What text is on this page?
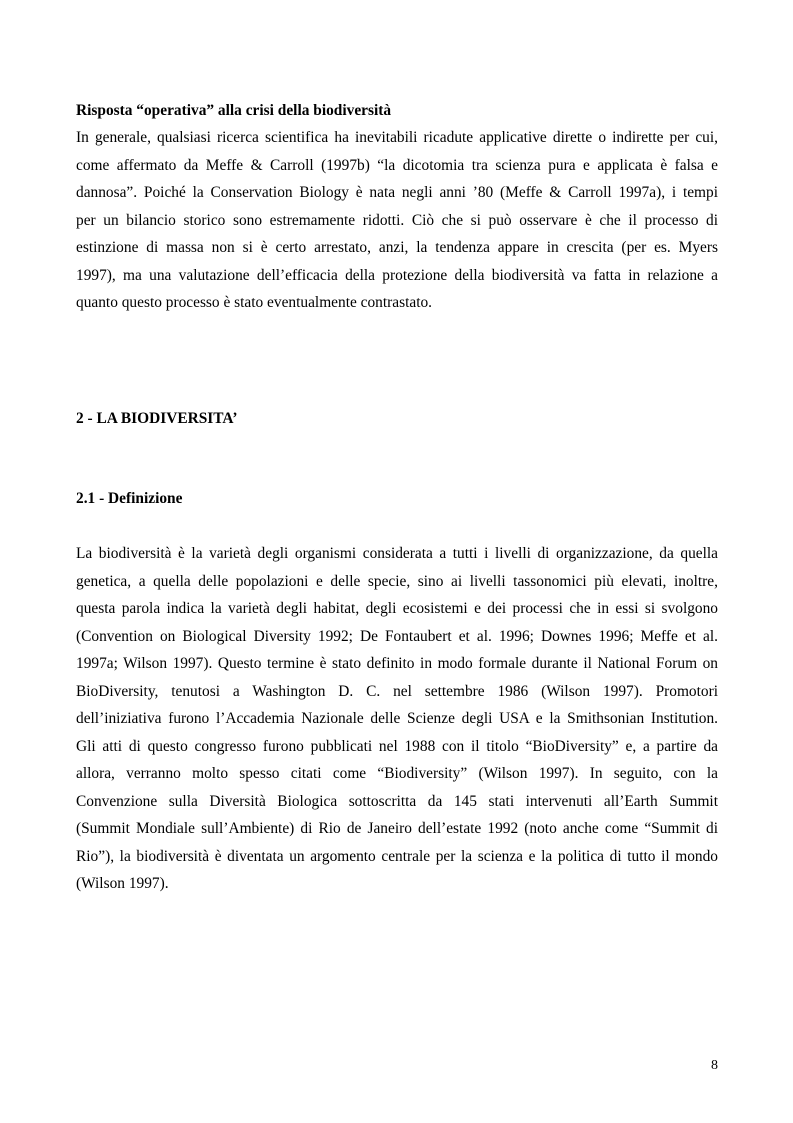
Risposta “operativa” alla crisi della biodiversità
In generale, qualsiasi ricerca scientifica ha inevitabili ricadute applicative dirette o indirette per cui,
come affermato da Meffe & Carroll (1997b) “la dicotomia tra scienza pura e applicata è falsa e
dannosa”. Poiché la Conservation Biology è nata negli anni ’80 (Meffe & Carroll 1997a), i tempi
per un bilancio storico sono estremamente ridotti. Ciò che si può osservare è che il processo di
estinzione di massa non si è certo arrestato, anzi, la tendenza appare in crescita (per es. Myers
1997), ma una valutazione dell’efficacia della protezione della biodiversità va fatta in relazione a
quanto questo processo è stato eventualmente contrastato.
2 - LA BIODIVERSITA’
2.1 - Definizione
La biodiversità è la varietà degli organismi considerata a tutti i livelli di organizzazione, da quella
genetica, a quella delle popolazioni e delle specie, sino ai livelli tassonomici più elevati, inoltre,
questa parola indica la varietà degli habitat, degli ecosistemi e dei processi che in essi si svolgono
(Convention on Biological Diversity 1992; De Fontaubert et al. 1996; Downes 1996; Meffe et al.
1997a; Wilson 1997). Questo termine è stato definito in modo formale durante il National Forum on
BioDiversity, tenutosi a Washington D. C. nel settembre 1986 (Wilson 1997). Promotori
dell’iniziativa furono l’Accademia Nazionale delle Scienze degli USA e la Smithsonian Institution.
Gli atti di questo congresso furono pubblicati nel 1988 con il titolo “BioDiversity” e, a partire da
allora, verranno molto spesso citati come “Biodiversity” (Wilson 1997). In seguito, con la
Convenzione sulla Diversità Biologica sottoscritta da 145 stati intervenuti all’Earth Summit
(Summit Mondiale sull’Ambiente) di Rio de Janeiro dell’estate 1992 (noto anche come “Summit di
Rio”), la biodiversità è diventata un argomento centrale per la scienza e la politica di tutto il mondo
(Wilson 1997).
8
